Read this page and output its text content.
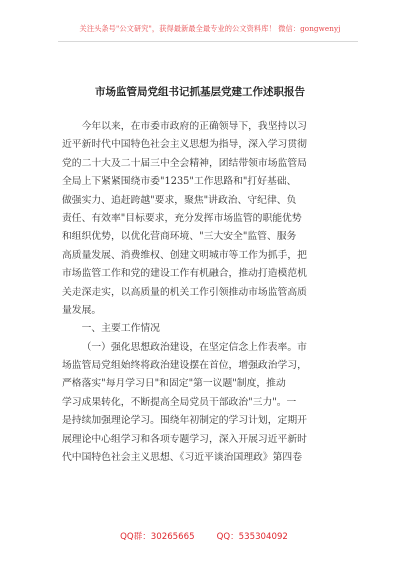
关注头条号"公文研究"，获得最新最全最专业的公文资料库！ 微信：gongwenyj
市场监管局党组书记抓基层党建工作述职报告
今年以来，在市委市政府的正确领导下，我坚持以习
近平新时代中国特色社会主义思想为指导，深入学习贯彻
党的二十大及二十届三中全会精神，团结带领市场监管局
全局上下紧紧围绕市委"1235"工作思路和"打好基础、
做强实力、追赶跨越"要求，聚焦"讲政治、守纪律、负
责任、有效率"目标要求，充分发挥市场监管的职能优势
和组织优势，以优化营商环境、"三大安全"监管、服务
高质量发展、消费维权、创建文明城市等工作为抓手，把
市场监管工作和党的建设工作有机融合，推动打造模范机
关走深走实，以高质量的机关工作引领推动市场监管高质
量发展。
一、主要工作情况
（一）强化思想政治建设，在坚定信念上作表率。市
场监管局党组始终将政治建设摆在首位，增强政治学习，
严格落实"每月学习日"和固定"第一议题"制度，推动
学习成果转化，不断提高全局党员干部政治"三力"。一
是持续加强理论学习。围绕年初制定的学习计划，定期开
展理论中心组学习和各项专题学习，深入开展习近平新时
代中国特色社会主义思想、《习近平谈治国理政》第四卷
QQ群：30265665	QQ：535304092
